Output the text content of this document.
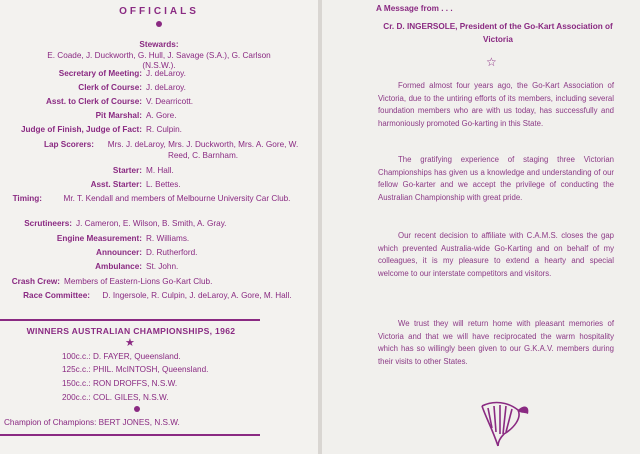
OFFICIALS
Stewards:
E. Coade, J. Duckworth, G. Hull, J. Savage (S.A.), G. Carlson (N.S.W.).
Secretary of Meeting: J. deLaroy.
Clerk of Course: J. deLaroy.
Asst. to Clerk of Course: V. Dearricott.
Pit Marshal: A. Gore.
Judge of Finish, Judge of Fact: R. Culpin.
Lap Scorers:	Mrs. J. deLaroy, Mrs. J. Duckworth, Mrs. A. Gore, W. Reed, C. Barnham.
Starter: M. Hall.
Asst. Starter: L. Bettes.
Timing:	Mr. T. Kendall and members of Melbourne University Car Club.
Scrutineers: J. Cameron, E. Wilson, B. Smith, A. Gray.
Engine Measurement: R. Williams.
Announcer: D. Rutherford.
Ambulance: St. John.
Crash Crew: Members of Eastern-Lions Go-Kart Club.
Race Committee:	D. Ingersole, R. Culpin, J. deLaroy, A. Gore, M. Hall.
WINNERS AUSTRALIAN CHAMPIONSHIPS, 1962
★
100c.c.: D. FAYER, Queensland.
125c.c.: PHIL. McINTOSH, Queensland.
150c.c.: RON DROFFS, N.S.W.
200c.c.: COL. GILES, N.S.W.
Champion of Champions: BERT JONES, N.S.W.
A Message from . . .
Cr. D. INGERSOLE, President of the Go-Kart Association of Victoria
☆

Formed almost four years ago, the Go-Kart Association of Victoria, due to the untiring efforts of its members, including several foundation members who are with us today, has successfully and harmoniously promoted Go-karting in this State.

The gratifying experience of staging three Victorian Championships has given us a knowledge and understanding of our fellow Go-karter and we accept the privilege of conducting the Australian Championship with great pride.

Our recent decision to affiliate with C.A.M.S. closes the gap which prevented Australia-wide Go-Karting and on behalf of my colleagues, it is my pleasure to extend a hearty and special welcome to our interstate competitors and visitors.

We trust they will return home with pleasant memories of Victoria and that we will have reciprocated the warm hospitality which has so willingly been given to our G.K.A.V. members during their visits to other States.
